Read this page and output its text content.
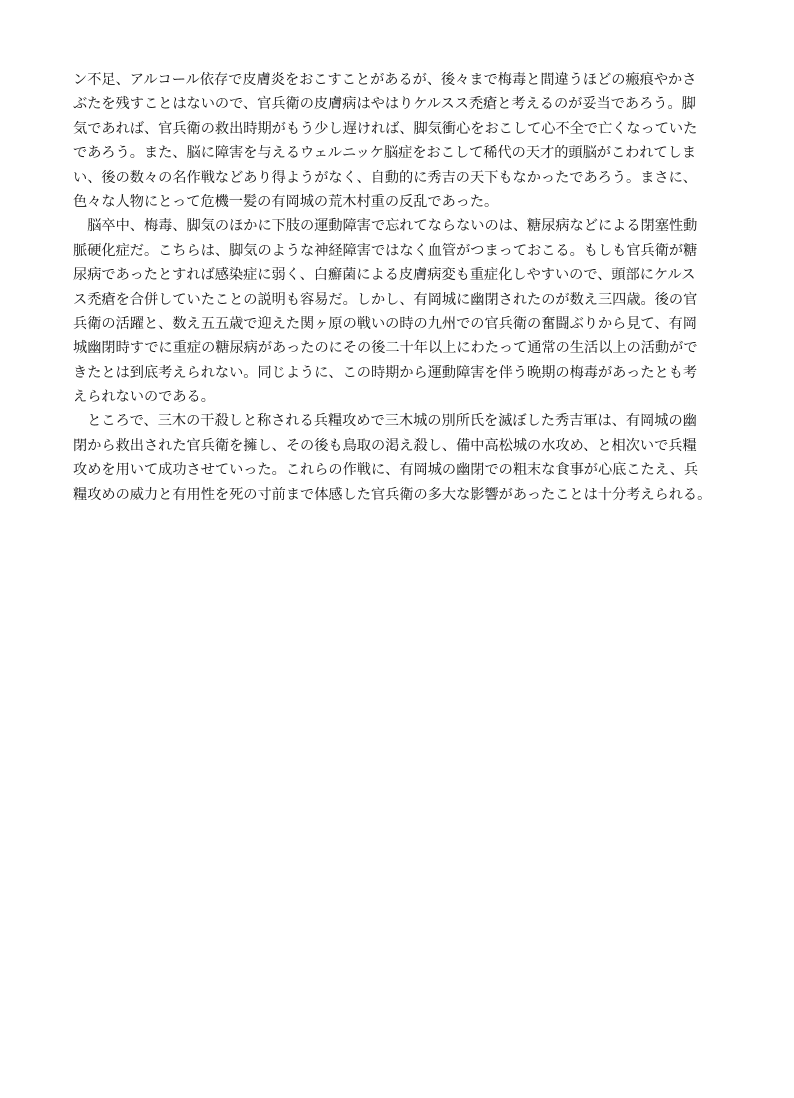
ン不足、アルコール依存で皮膚炎をおこすことがあるが、後々まで梅毒と間違うほどの瘢痕やかさ
ぶたを残すことはないので、官兵衛の皮膚病はやはりケルスス禿瘡と考えるのが妥当であろう。脚
気であれば、官兵衛の救出時期がもう少し遅ければ、脚気衝心をおこして心不全で亡くなっていた
であろう。また、脳に障害を与えるウェルニッケ脳症をおこして稀代の天才的頭脳がこわれてしま
い、後の数々の名作戦などあり得ようがなく、自動的に秀吉の天下もなかったであろう。まさに、
色々な人物にとって危機一髪の有岡城の荒木村重の反乱であった。
　脳卒中、梅毒、脚気のほかに下肢の運動障害で忘れてならないのは、糖尿病などによる閉塞性動
脈硬化症だ。こちらは、脚気のような神経障害ではなく血管がつまっておこる。もしも官兵衛が糖
尿病であったとすれば感染症に弱く、白癬菌による皮膚病変も重症化しやすいので、頭部にケルス
ス禿瘡を合併していたことの説明も容易だ。しかし、有岡城に幽閉されたのが数え三四歳。後の官
兵衛の活躍と、数え五五歳で迎えた関ヶ原の戦いの時の九州での官兵衛の奮闘ぶりから見て、有岡
城幽閉時すでに重症の糖尿病があったのにその後二十年以上にわたって通常の生活以上の活動がで
きたとは到底考えられない。同じように、この時期から運動障害を伴う晩期の梅毒があったとも考
えられないのである。
　ところで、三木の干殺しと称される兵糧攻めで三木城の別所氏を滅ぼした秀吉軍は、有岡城の幽
閉から救出された官兵衛を擁し、その後も鳥取の渇え殺し、備中高松城の水攻め、と相次いで兵糧
攻めを用いて成功させていった。これらの作戦に、有岡城の幽閉での粗末な食事が心底こたえ、兵
糧攻めの威力と有用性を死の寸前まで体感した官兵衛の多大な影響があったことは十分考えられる。
